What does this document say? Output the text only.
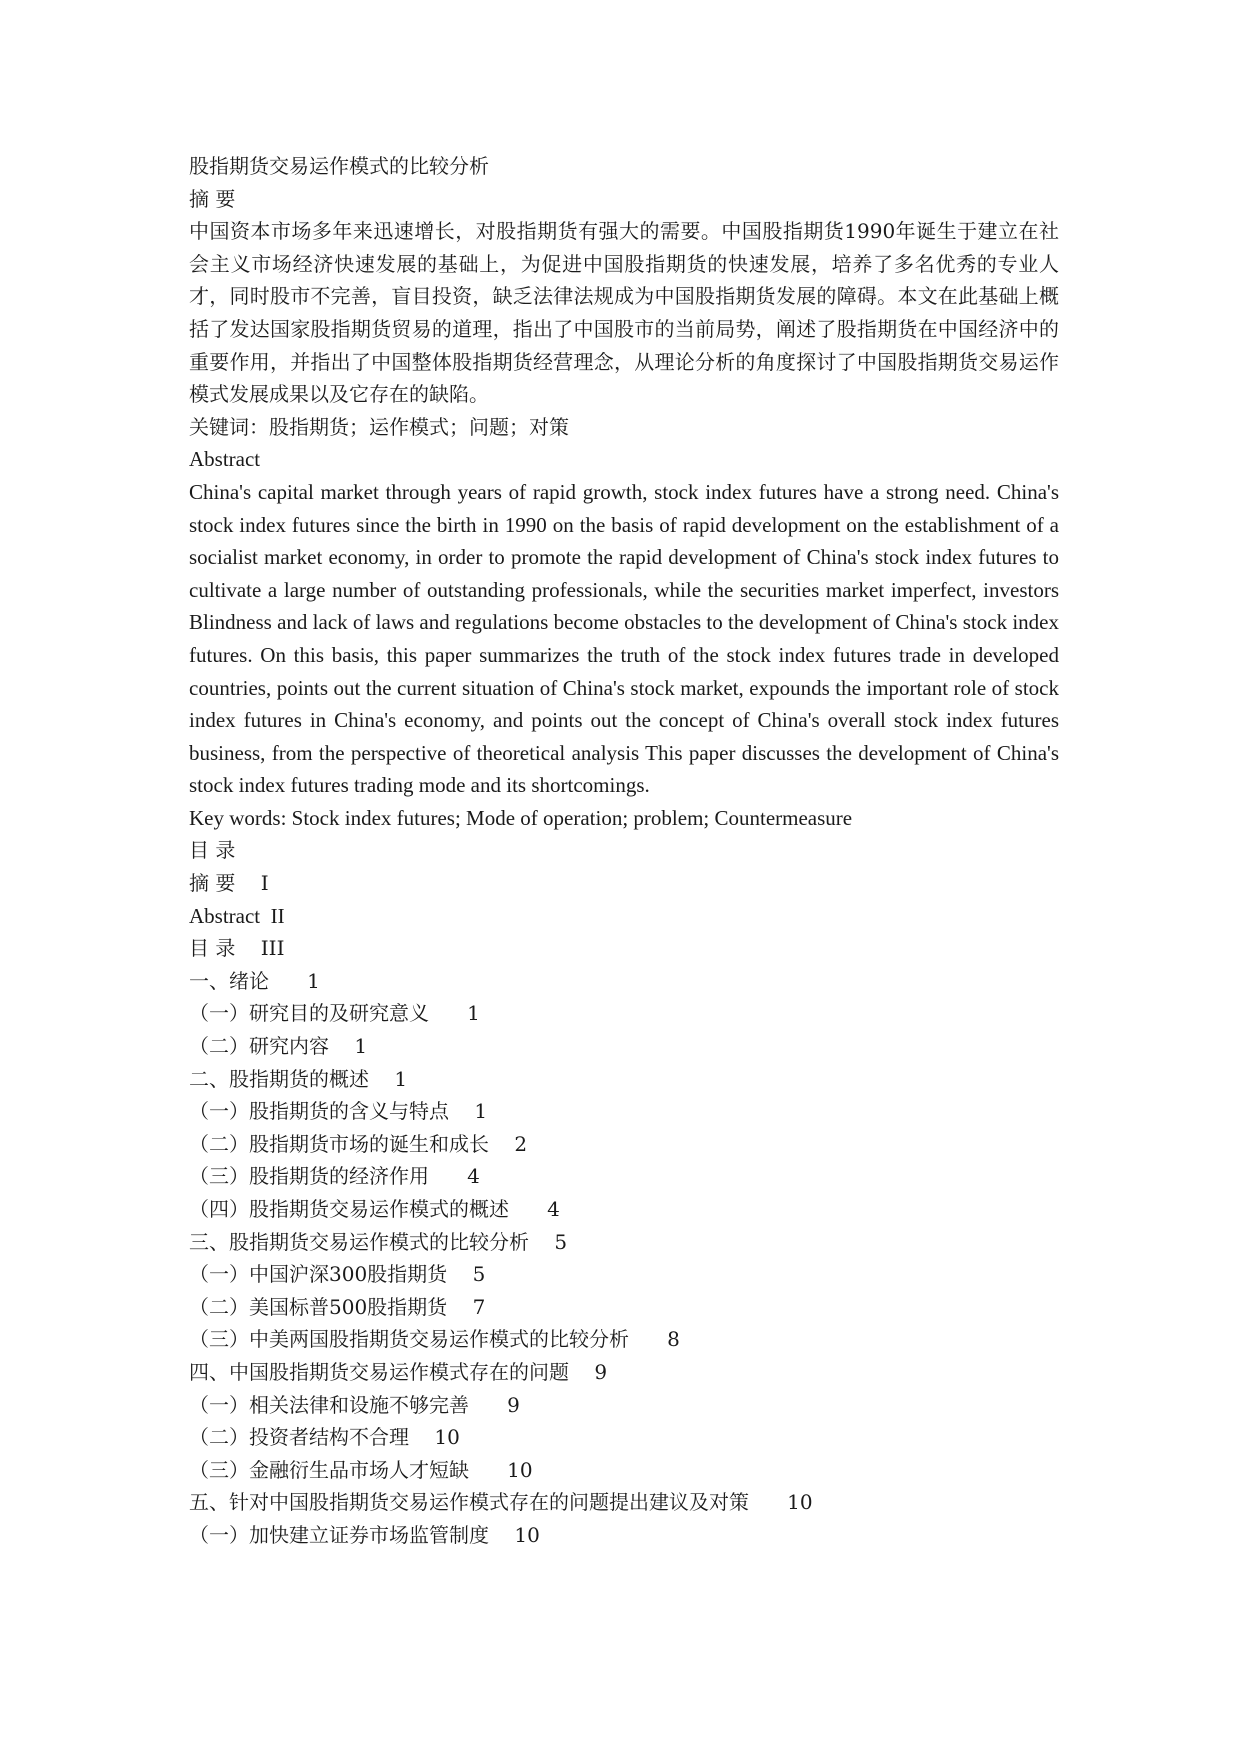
股指期货交易运作模式的比较分析
摘 要
中国资本市场多年来迅速增长，对股指期货有强大的需要。中国股指期货1990年诞生于建立在社会主义市场经济快速发展的基础上，为促进中国股指期货的快速发展，培养了多名优秀的专业人才，同时股市不完善，盲目投资，缺乏法律法规成为中国股指期货发展的障碍。本文在此基础上概括了发达国家股指期货贸易的道理，指出了中国股市的当前局势，阐述了股指期货在中国经济中的重要作用，并指出了中国整体股指期货经营理念，从理论分析的角度探讨了中国股指期货交易运作模式发展成果以及它存在的缺陷。
关键词：股指期货；运作模式；问题；对策
Abstract
China's capital market through years of rapid growth, stock index futures have a strong need. China's stock index futures since the birth in 1990 on the basis of rapid development on the establishment of a socialist market economy, in order to promote the rapid development of China's stock index futures to cultivate a large number of outstanding professionals, while the securities market imperfect, investors Blindness and lack of laws and regulations become obstacles to the development of China's stock index futures. On this basis, this paper summarizes the truth of the stock index futures trade in developed countries, points out the current situation of China's stock market, expounds the important role of stock index futures in China's economy, and points out the concept of China's overall stock index futures business, from the perspective of theoretical analysis This paper discusses the development of China's stock index futures trading mode and its shortcomings.
Key words: Stock index futures; Mode of operation; problem; Countermeasure
目 录
摘 要    I
Abstract  II
目 录    III
一、绪论      1
（一）研究目的及研究意义      1
（二）研究内容    1
二、股指期货的概述    1
（一）股指期货的含义与特点    1
（二）股指期货市场的诞生和成长    2
（三）股指期货的经济作用      4
（四）股指期货交易运作模式的概述      4
三、股指期货交易运作模式的比较分析    5
（一）中国沪深300股指期货    5
（二）美国标普500股指期货    7
（三）中美两国股指期货交易运作模式的比较分析      8
四、中国股指期货交易运作模式存在的问题    9
（一）相关法律和设施不够完善      9
（二）投资者结构不合理    10
（三）金融衍生品市场人才短缺      10
五、针对中国股指期货交易运作模式存在的问题提出建议及对策      10
（一）加快建立证券市场监管制度    10
